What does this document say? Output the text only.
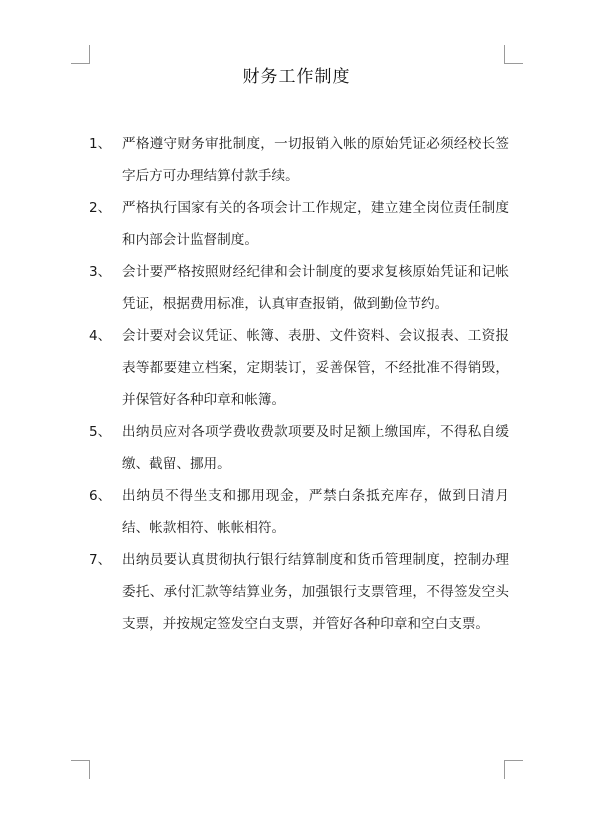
财务工作制度
1、 严格遵守财务审批制度，一切报销入帐的原始凭证必须经校长签字后方可办理结算付款手续。
2、 严格执行国家有关的各项会计工作规定，建立建全岗位责任制度和内部会计监督制度。
3、 会计要严格按照财经纪律和会计制度的要求复核原始凭证和记帐凭证，根据费用标准，认真审查报销，做到勤俭节约。
4、 会计要对会议凭证、帐簿、表册、文件资料、会议报表、工资报表等都要建立档案，定期装订，妥善保管，不经批准不得销毁，并保管好各种印章和帐簿。
5、 出纳员应对各项学费收费款项要及时足额上缴国库，不得私自缓缴、截留、挪用。
6、 出纳员不得坐支和挪用现金，严禁白条抵充库存，做到日清月结、帐款相符、帐帐相符。
7、 出纳员要认真贯彻执行银行结算制度和货币管理制度，控制办理委托、承付汇款等结算业务，加强银行支票管理，不得签发空头支票，并按规定签发空白支票，并管好各种印章和空白支票。
